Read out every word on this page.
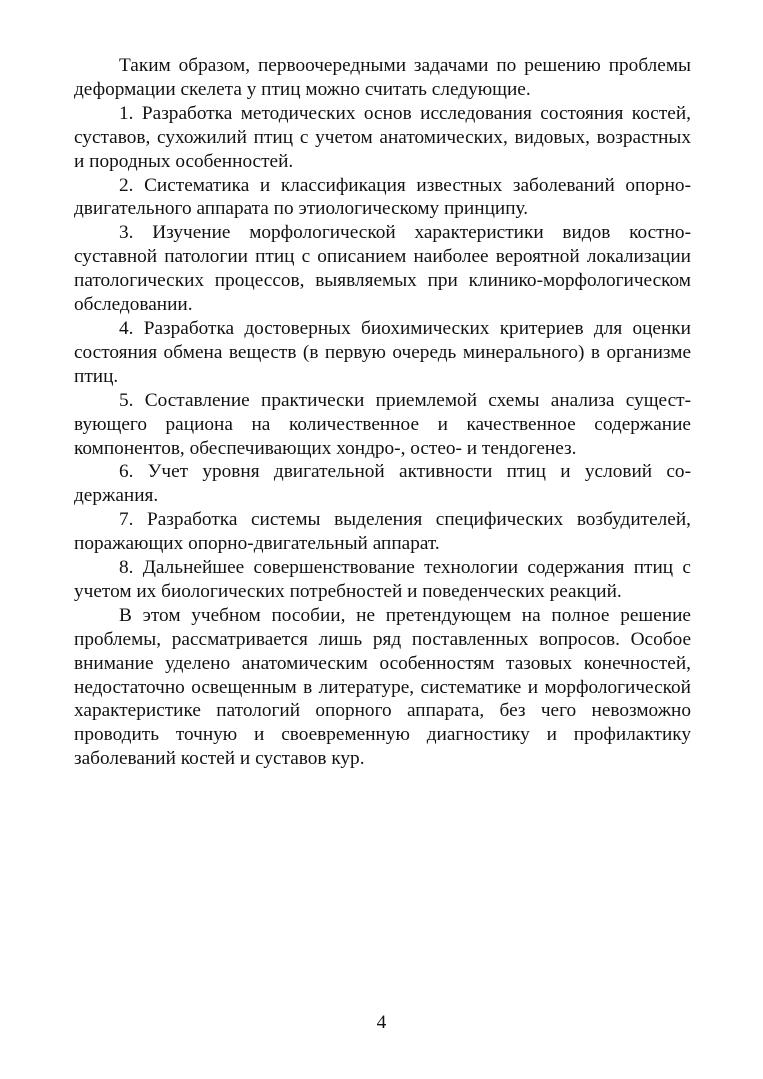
Таким образом, первоочередными задачами по решению проблемы деформации скелета у птиц можно считать следующие.

1. Разработка методических основ исследования состояния костей, суставов, сухожилий птиц с учетом анатомических, видовых, возрастных и породных особенностей.

2. Систематика и классификация известных заболеваний опорно-двигательного аппарата по этиологическому принципу.

3. Изучение морфологической характеристики видов костносуставной патологии птиц с описанием наиболее вероятной локализации патологических процессов, выявляемых при клинико-морфологическом обследовании.

4. Разработка достоверных биохимических критериев для оценки состояния обмена веществ (в первую очередь минерального) в организме птиц.

5. Составление практически приемлемой схемы анализа существующего рациона на количественное и качественное содержание компонентов, обеспечивающих хондро-, остео- и тендогенез.

6. Учет уровня двигательной активности птиц и условий содержания.

7. Разработка системы выделения специфических возбудителей, поражающих опорно-двигательный аппарат.

8. Дальнейшее совершенствование технологии содержания птиц с учетом их биологических потребностей и поведенческих реакций.

В этом учебном пособии, не претендующем на полное решение проблемы, рассматривается лишь ряд поставленных вопросов. Особое внимание уделено анатомическим особенностям тазовых конечностей, недостаточно освещенным в литературе, систематике и морфологической характеристике патологий опорного аппарата, без чего невозможно проводить точную и своевременную диагностику и профилактику заболеваний костей и суставов кур.

4
